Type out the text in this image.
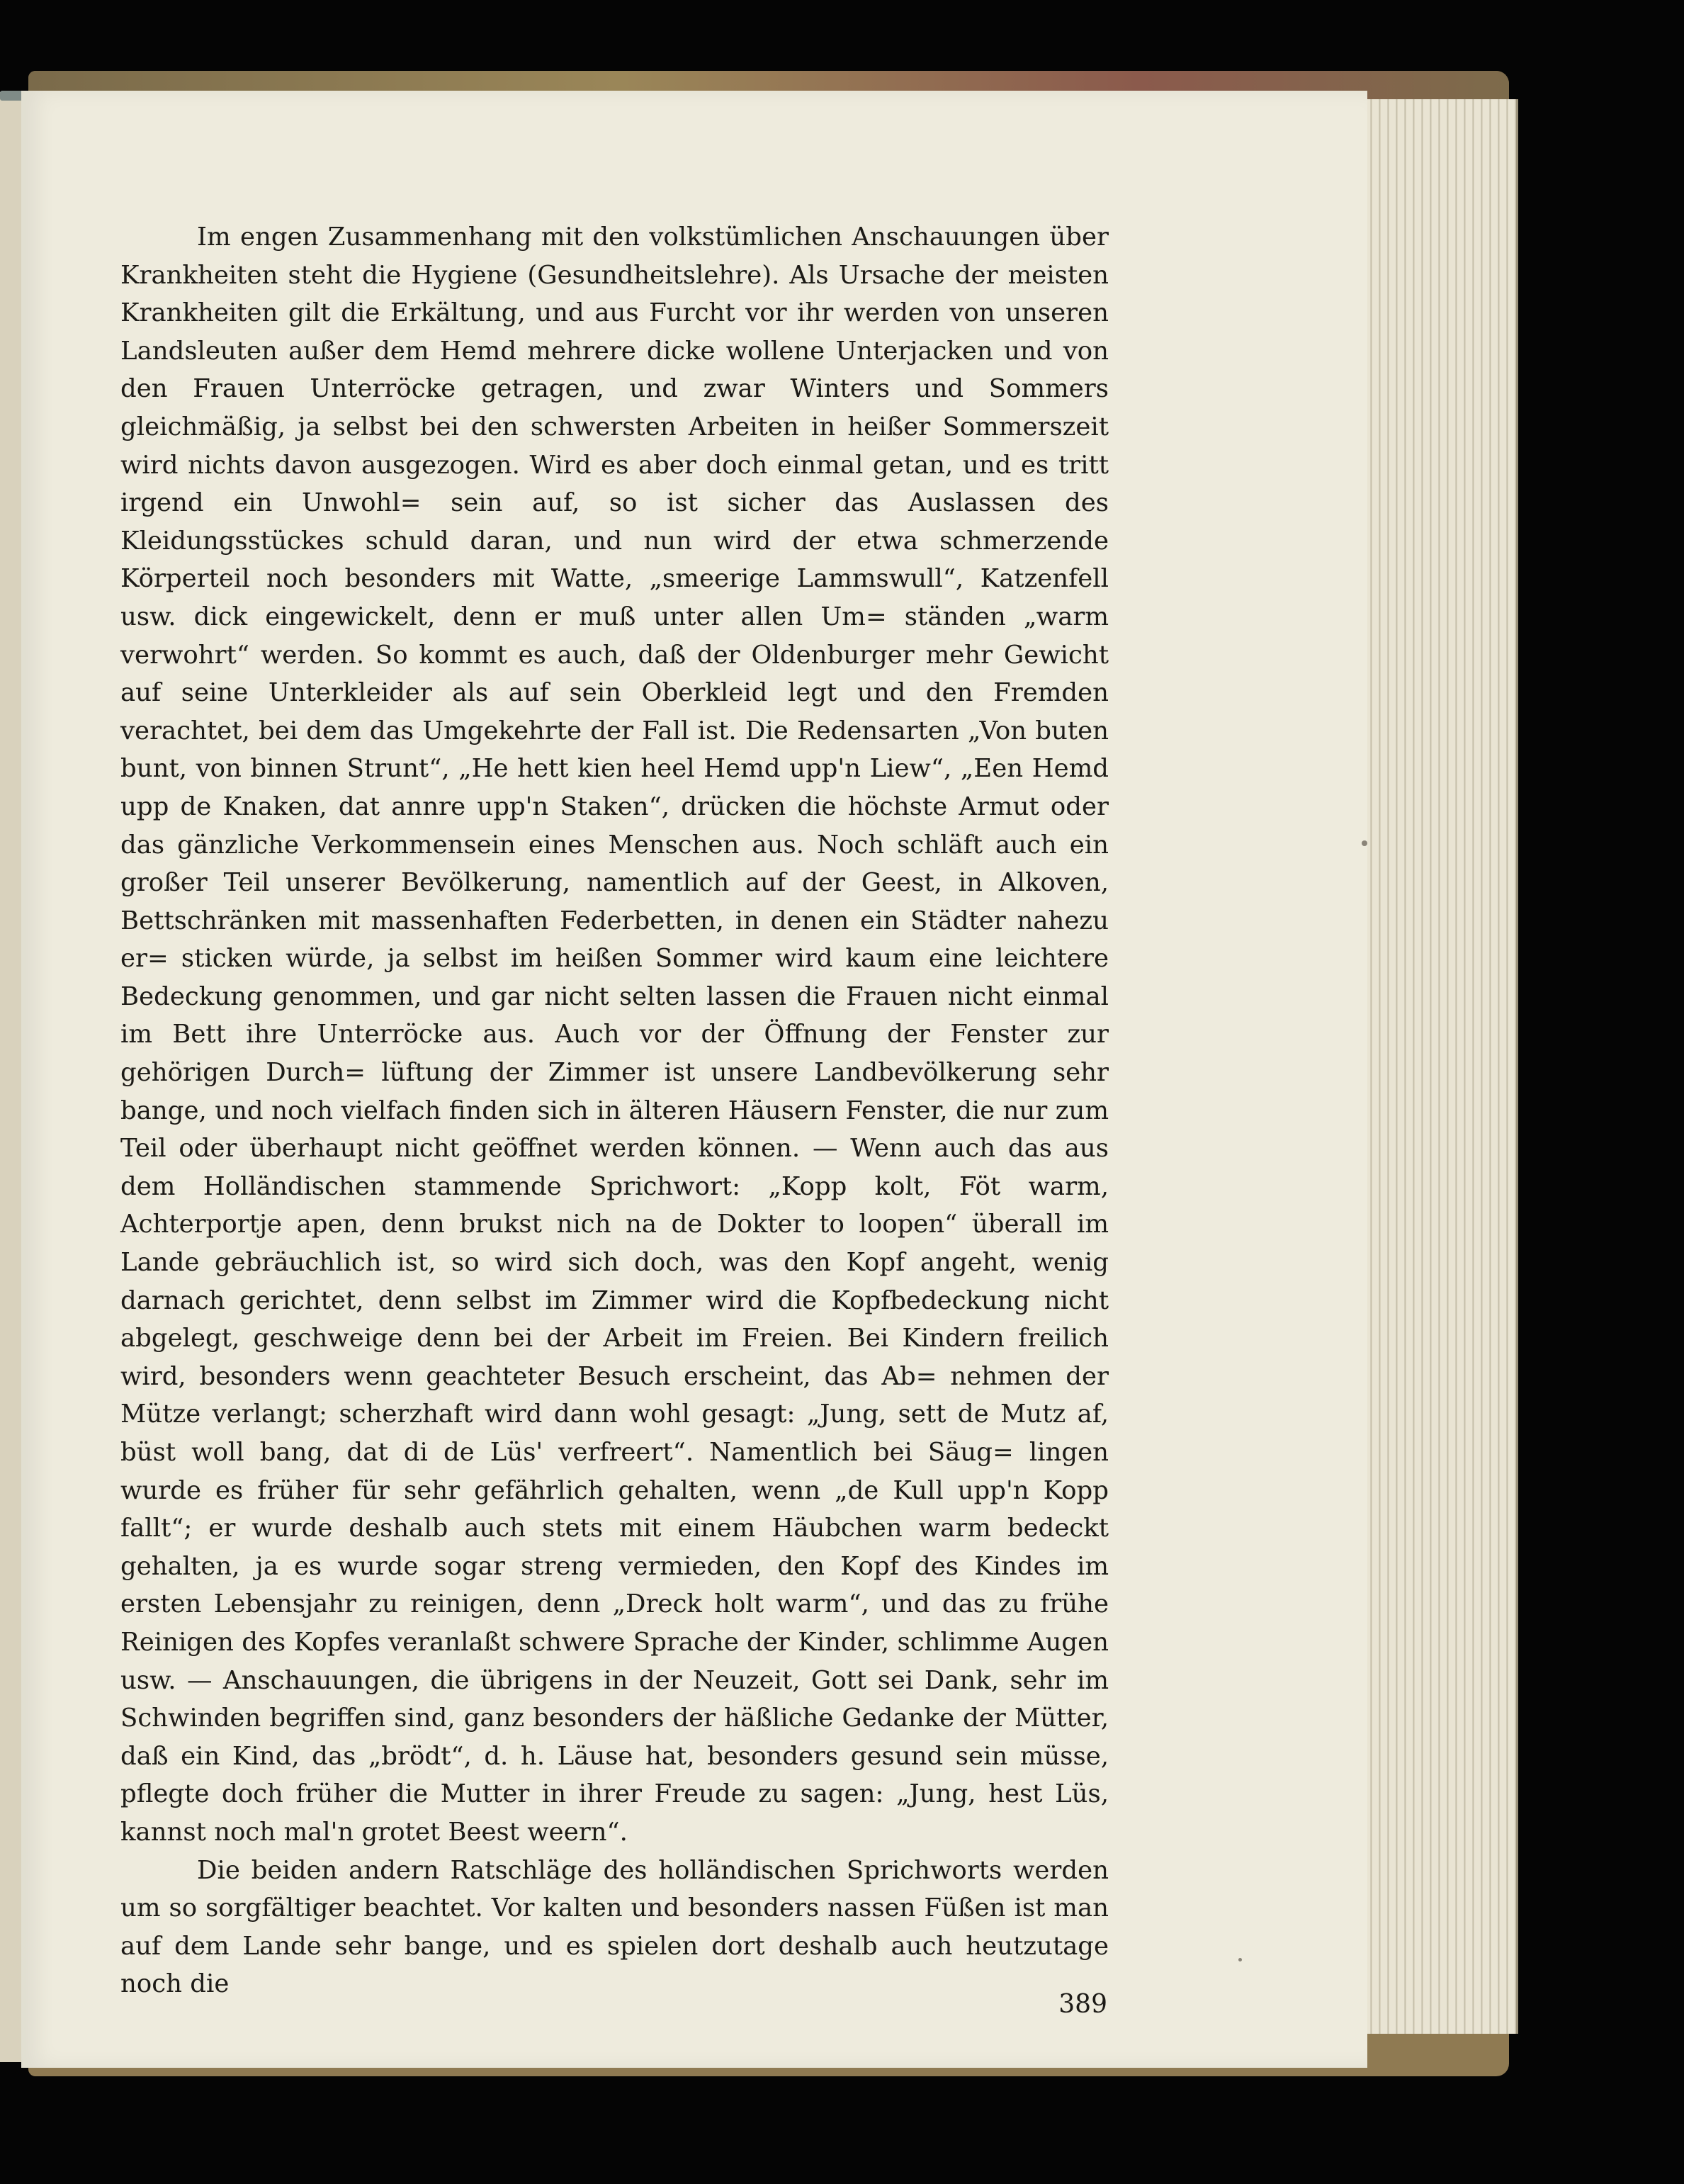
Im engen Zusammenhang mit den volkstümlichen Anschauungen über Krankheiten steht die Hygiene (Gesundheitslehre). Als Ursache der meisten Krankheiten gilt die Erkältung, und aus Furcht vor ihr werden von unseren Landsleuten außer dem Hemd mehrere dicke wollene Unterjacken und von den Frauen Unterröcke getragen, und zwar Winters und Sommers gleichmäßig, ja selbst bei den schwersten Arbeiten in heißer Sommerszeit wird nichts davon ausgezogen. Wird es aber doch einmal getan, und es tritt irgend ein Unwohl= sein auf, so ist sicher das Auslassen des Kleidungsstückes schuld daran, und nun wird der etwa schmerzende Körperteil noch besonders mit Watte, „smeerige Lammswull“, Katzenfell usw. dick eingewickelt, denn er muß unter allen Um= ständen „warm verwohrt“ werden. So kommt es auch, daß der Oldenburger mehr Gewicht auf seine Unterkleider als auf sein Oberkleid legt und den Fremden verachtet, bei dem das Umgekehrte der Fall ist. Die Redensarten „Von buten bunt, von binnen Strunt“, „He hett kien heel Hemd upp'n Liew“, „Een Hemd upp de Knaken, dat annre upp'n Staken“, drücken die höchste Armut oder das gänzliche Verkommensein eines Menschen aus. Noch schläft auch ein großer Teil unserer Bevölkerung, namentlich auf der Geest, in Alkoven, Bettschränken mit massenhaften Federbetten, in denen ein Städter nahezu er= sticken würde, ja selbst im heißen Sommer wird kaum eine leichtere Bedeckung genommen, und gar nicht selten lassen die Frauen nicht einmal im Bett ihre Unterröcke aus. Auch vor der Öffnung der Fenster zur gehörigen Durch= lüftung der Zimmer ist unsere Landbevölkerung sehr bange, und noch vielfach finden sich in älteren Häusern Fenster, die nur zum Teil oder überhaupt nicht geöffnet werden können. — Wenn auch das aus dem Holländischen stammende Sprichwort: „Kopp kolt, Föt warm, Achterportje apen, denn brukst nich na de Dokter to loopen“ überall im Lande gebräuchlich ist, so wird sich doch, was den Kopf angeht, wenig darnach gerichtet, denn selbst im Zimmer wird die Kopfbedeckung nicht abgelegt, geschweige denn bei der Arbeit im Freien. Bei Kindern freilich wird, besonders wenn geachteter Besuch erscheint, das Ab= nehmen der Mütze verlangt; scherzhaft wird dann wohl gesagt: „Jung, sett de Mutz af, büst woll bang, dat di de Lüs' verfreert“. Namentlich bei Säug= lingen wurde es früher für sehr gefährlich gehalten, wenn „de Kull upp'n Kopp fallt“; er wurde deshalb auch stets mit einem Häubchen warm bedeckt gehalten, ja es wurde sogar streng vermieden, den Kopf des Kindes im ersten Lebensjahr zu reinigen, denn „Dreck holt warm“, und das zu frühe Reinigen des Kopfes veranlaßt schwere Sprache der Kinder, schlimme Augen usw. — Anschauungen, die übrigens in der Neuzeit, Gott sei Dank, sehr im Schwinden begriffen sind, ganz besonders der häßliche Gedanke der Mütter, daß ein Kind, das „brödt“, d. h. Läuse hat, besonders gesund sein müsse, pflegte doch früher die Mutter in ihrer Freude zu sagen: „Jung, hest Lüs, kannst noch mal'n grotet Beest weern“.

Die beiden andern Ratschläge des holländischen Sprichworts werden um so sorgfältiger beachtet. Vor kalten und besonders nassen Füßen ist man auf dem Lande sehr bange, und es spielen dort deshalb auch heutzutage noch die

389
